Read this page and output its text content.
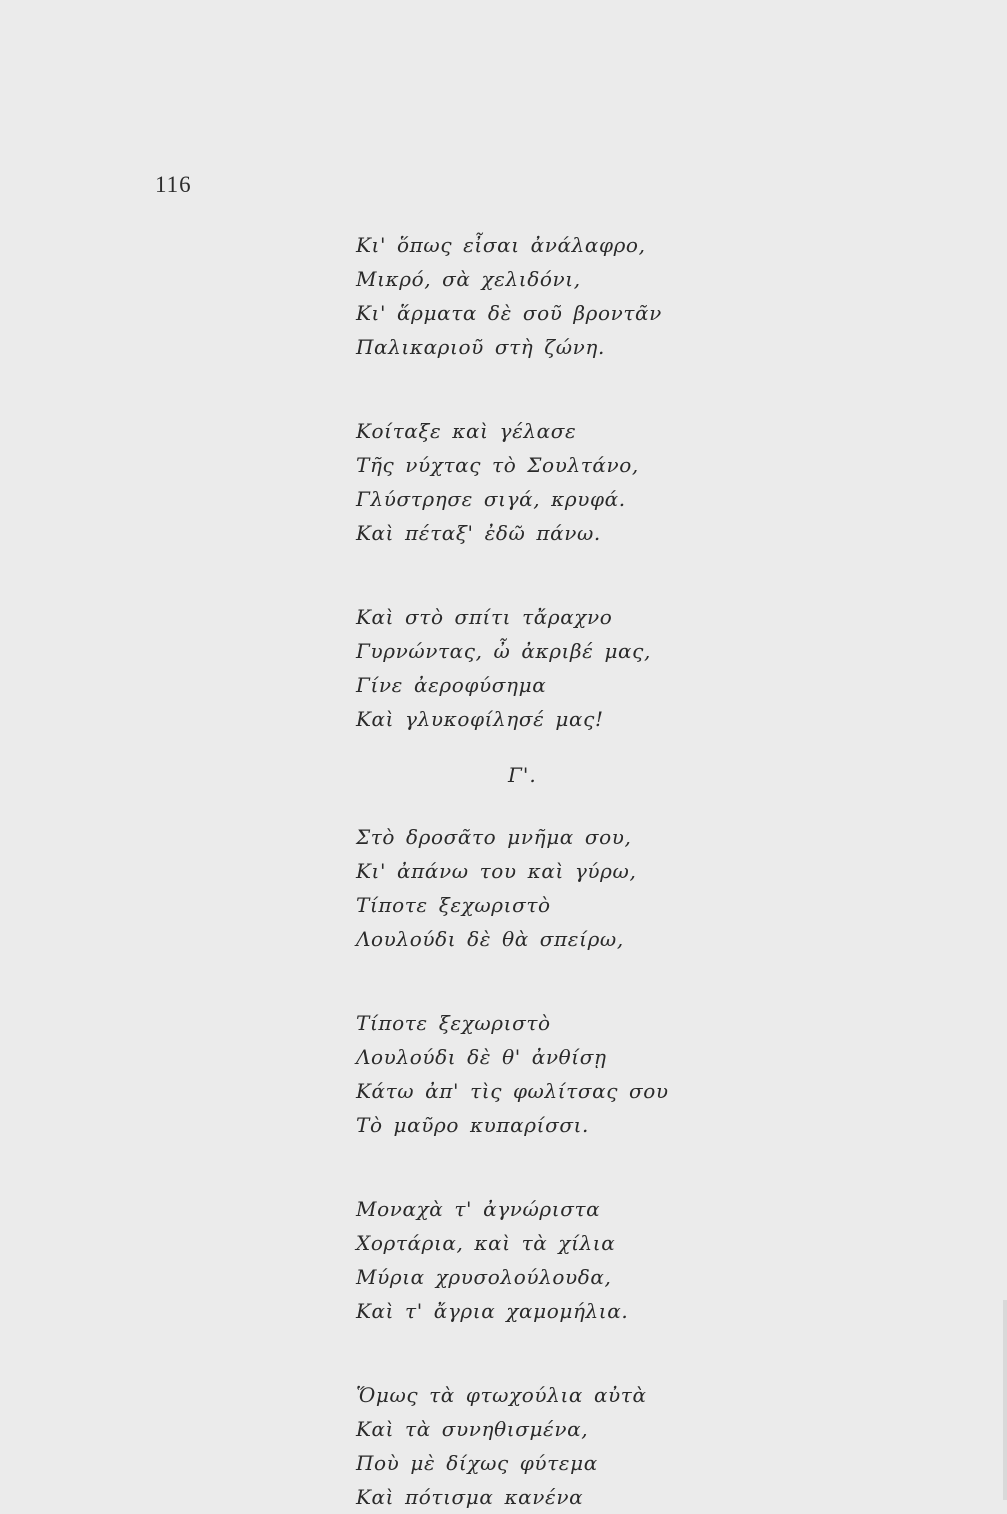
116
Κι' ὅπως εἶσαι ἀνάλαφρο,
Μικρό, σὰ χελιδόνι,
Κι' ἅρματα δὲ σοῦ βροντᾶν
Παλικαριοῦ στὴ ζώνη.
Κοίταξε καὶ γέλασε
Τῆς νύχτας τὸ Σουλτάνο,
Γλύστρησε σιγά, κρυφά.
Καὶ πέταξ' ἐδῶ πάνω.
Καὶ στὸ σπίτι τἄραχνο
Γυρνώντας, ὦ ἀκριβέ μας,
Γίνε ἀεροφύσημα
Καὶ γλυκοφίλησέ μας!
Γ'.
Στὸ δροσᾶτο μνῆμα σου,
Κι' ἀπάνω του καὶ γύρω,
Τίποτε ξεχωριστὸ
Λουλούδι δὲ θὰ σπείρω,
Τίποτε ξεχωριστὸ
Λουλούδι δὲ θ' ἀνθίσῃ
Κάτω ἀπ' τὶς φωλίτσας σου
Τὸ μαῦρο κυπαρίσσι.
Μοναχὰ τ' ἀγνώριστα
Χορτάρια, καὶ τὰ χίλια
Μύρια χρυσολούλουδα,
Καὶ τ' ἄγρια χαμομήλια.
Ὅμως τὰ φτωχούλια αὐτὰ
Καὶ τὰ συνηθισμένα,
Ποὺ μὲ δίχως φύτεμα
Καὶ πότισμα κανένα
